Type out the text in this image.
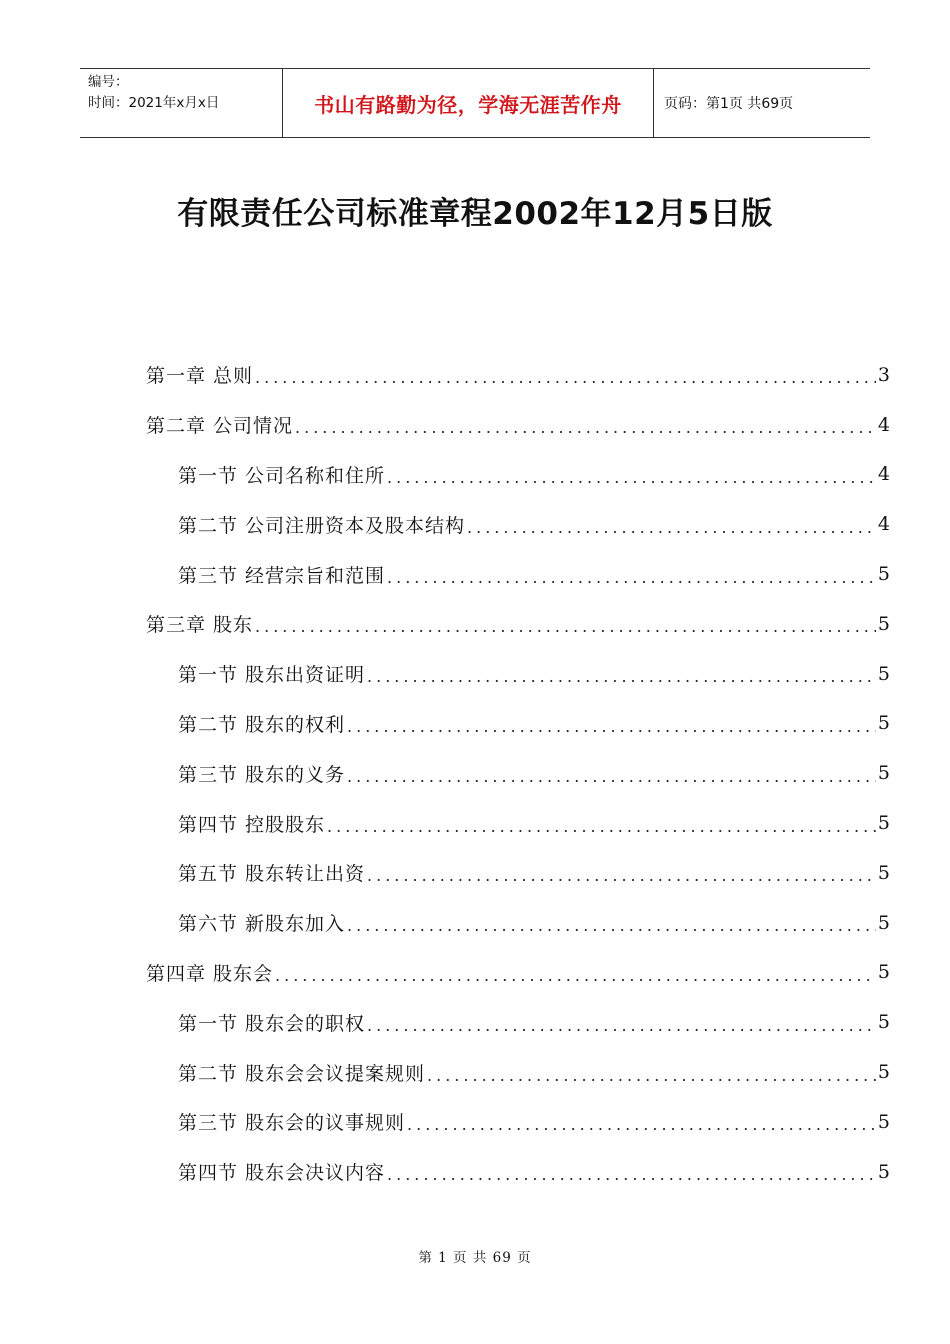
编号：
时间：2021年x月x日	书山有路勤为径，学海无涯苦作舟	页码：第1页 共69页
有限责任公司标准章程2002年12月5日版
第一章 总则 .....	3
第二章 公司情况 .....	4
第一节 公司名称和住所 .....	4
第二节 公司注册资本及股本结构 .....	4
第三节 经营宗旨和范围 .....	5
第三章 股东 .....	5
第一节 股东出资证明 .....	5
第二节 股东的权利 .....	5
第三节 股东的义务 .....	5
第四节 控股股东 .....	5
第五节 股东转让出资 .....	5
第六节 新股东加入 .....	5
第四章 股东会 .....	5
第一节 股东会的职权 .....	5
第二节 股东会会议提案规则 .....	5
第三节 股东会的议事规则 .....	5
第四节 股东会决议内容 .....	5
第 1 页 共 69 页
